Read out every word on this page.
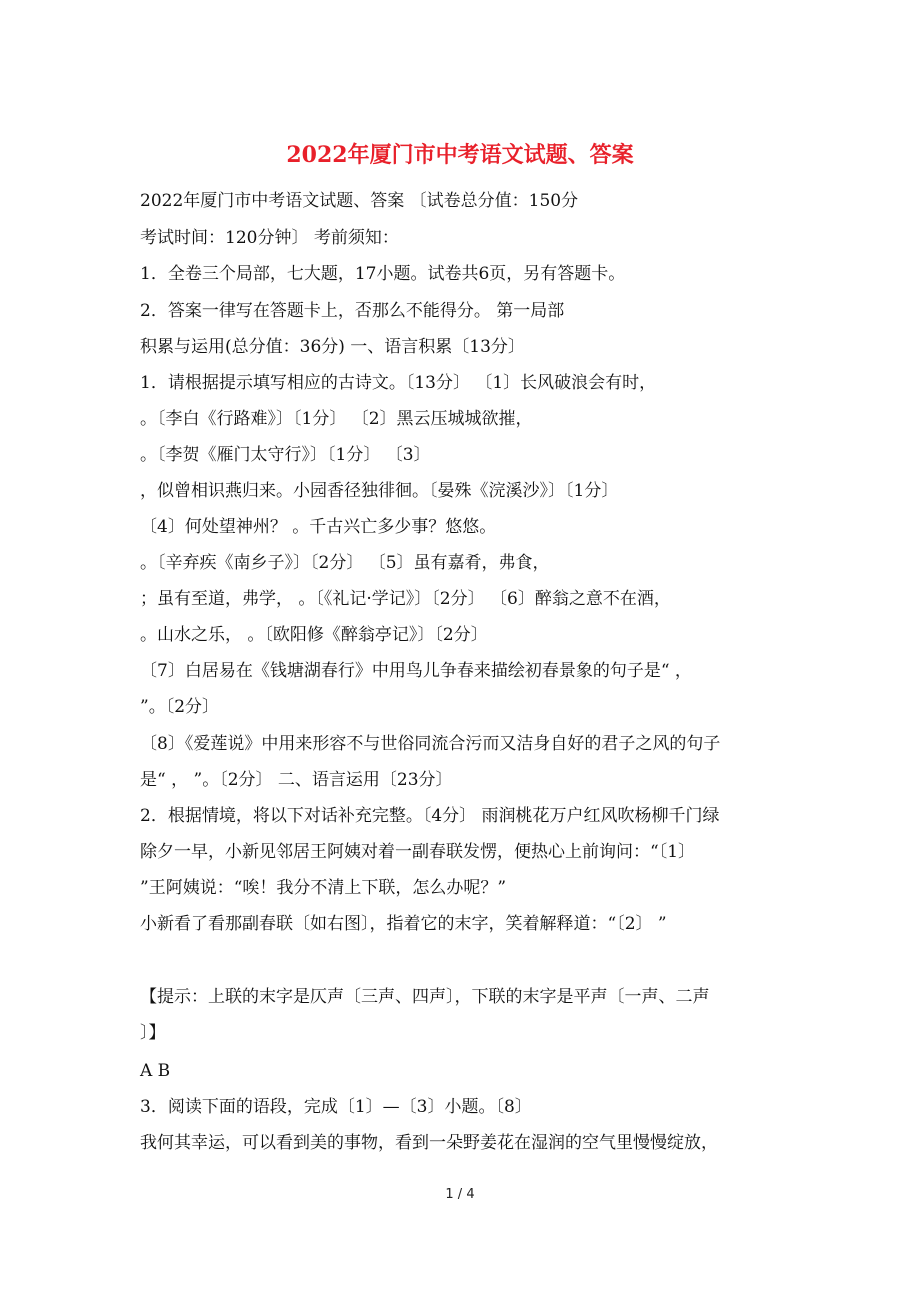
2022年厦门市中考语文试题、答案
2022年厦门市中考语文试题、答案 〔试卷总分值：150分
考试时间：120分钟〕 考前须知：
1．全卷三个局部，七大题，17小题。试卷共6页，另有答题卡。
2．答案一律写在答题卡上，否那么不能得分。 第一局部
积累与运用(总分值：36分) 一、语言积累〔13分〕
1．请根据提示填写相应的古诗文。〔13分〕 〔1〕长风破浪会有时，
。〔李白《行路难》〕〔1分〕 〔2〕黑云压城城欲摧，
。〔李贺《雁门太守行》〕〔1分〕 〔3〕
，似曾相识燕归来。小园香径独徘徊。〔晏殊《浣溪沙》〕〔1分〕
〔4〕何处望神州？ 。千古兴亡多少事？悠悠。
。〔辛弃疾《南乡子》〕〔2分〕 〔5〕虽有嘉肴，弗食，
；虽有至道，弗学， 。〔《礼记·学记》〕〔2分〕 〔6〕醉翁之意不在酒，
。山水之乐， 。〔欧阳修《醉翁亭记》〕〔2分〕
〔7〕白居易在《钱塘湖春行》中用鸟儿争春来描绘初春景象的句子是“ ，
”。〔2分〕
〔8〕《爱莲说》中用来形容不与世俗同流合污而又洁身自好的君子之风的句子
是“ ， ”。〔2分〕 二、语言运用〔23分〕
2．根据情境，将以下对话补充完整。〔4分〕 雨润桃花万户红风吹杨柳千门绿
除夕一早，小新见邻居王阿姨对着一副春联发愣，便热心上前询问：“〔1〕
”王阿姨说：“唉！我分不清上下联，怎么办呢？”
小新看了看那副春联〔如右图〕，指着它的末字，笑着解释道：“〔2〕 ”
【提示：上联的末字是仄声〔三声、四声〕，下联的末字是平声〔一声、二声
〕】
A B
3．阅读下面的语段，完成〔1〕—〔3〕小题。〔8〕
我何其幸运，可以看到美的事物，看到一朵野姜花在湿润的空气里慢慢绽放，
1 / 4
